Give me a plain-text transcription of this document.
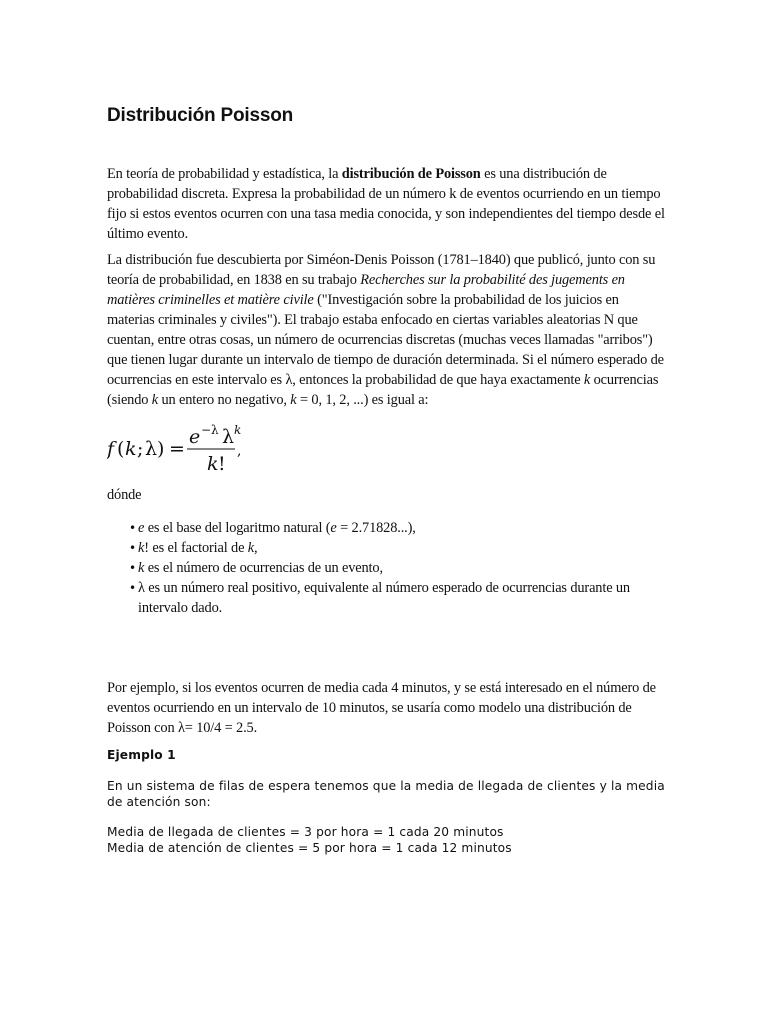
Distribución Poisson

En teoría de probabilidad y estadística, la distribución de Poisson es una distribución de probabilidad discreta. Expresa la probabilidad de un número k de eventos ocurriendo en un tiempo fijo si estos eventos ocurren con una tasa media conocida, y son independientes del tiempo desde el último evento.

La distribución fue descubierta por Siméon-Denis Poisson (1781–1840) que publicó, junto con su teoría de probabilidad, en 1838 en su trabajo Recherches sur la probabilité des jugements en matières criminelles et matière civile ("Investigación sobre la probabilidad de los juicios en materias criminales y civiles"). El trabajo estaba enfocado en ciertas variables aleatorias N que cuentan, entre otras cosas, un número de ocurrencias discretas (muchas veces llamadas "arribos") que tienen lugar durante un intervalo de tiempo de duración determinada. Si el número esperado de ocurrencias en este intervalo es λ, entonces la probabilidad de que haya exactamente k ocurrencias (siendo k un entero no negativo, k = 0, 1, 2, ...) es igual a:

f ( k ; λ ) =
e −λ λ k
k !
,

dónde

• e es el base del logaritmo natural (e = 2.71828...),
• k! es el factorial de k,
• k es el número de ocurrencias de un evento,
• λ es un número real positivo, equivalente al número esperado de ocurrencias durante un intervalo dado.

Por ejemplo, si los eventos ocurren de media cada 4 minutos, y se está interesado en el número de eventos ocurriendo en un intervalo de 10 minutos, se usaría como modelo una distribución de Poisson con λ= 10/4 = 2.5.

Ejemplo 1

En un sistema de filas de espera tenemos que la media de llegada de clientes y la media de atención son:

Media de llegada de clientes = 3 por hora = 1 cada 20 minutos

Media de atención de clientes = 5 por hora = 1 cada 12 minutos
